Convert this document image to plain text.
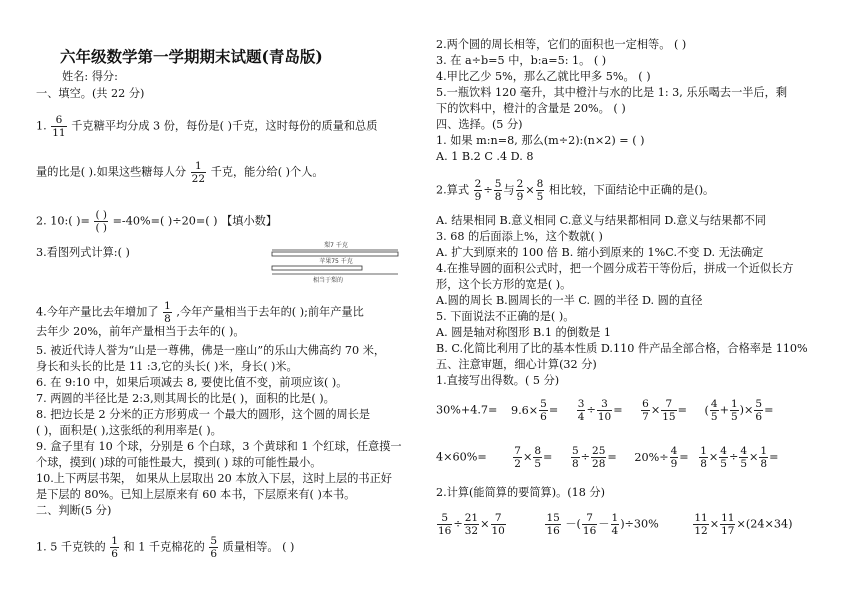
六年级数学第一学期期末试题(青岛版)
姓名: 得分:
一、填空。(共 22 分)
1. $\frac{6}{11}$ 千克糖平均分成 3 份，每份是( )千克，这时每份的质量和总质
量的比是( ).如果这些糖每人分 $\frac{1}{22}$ 千克，能分给( )个人。
2. 10:( )= $\frac{( )}{( )} =-40\%=$( )÷20=( ) 【填小数】
3.看图列式计算:( )
梨7 千克
苹果75 千克
相当于梨的
4.今年产量比去年增加了 $\frac{1}{8}$ ,今年产量相当于去年的( );前年产量比
去年少 20%，前年产量相当于去年的( )。
5. 被近代诗人誉为“山是一尊佛，佛是一座山”的乐山大佛高约 70 米，
身长和头长的比是 11 :3,它的头长( )米，身长( )米。
6. 在 9:10 中，如果后项减去 8, 要使比值不变，前项应该( )。
7. 两圆的半径比是 2:3,则其周长的比是( )，面积的比是( )。
8. 把边长是 2 分米的正方形剪成一 个最大的圆形，这个圆的周长是
( )，面积是( ),这张纸的利用率是( )。
9. 盒子里有 10 个球，分别是 6 个白球，3 个黄球和 1 个红球，任意摸一
个球，摸到( )球的可能性最大，摸到( ) 球的可能性最小。
10.上下两层书架， 如果从上层取出 20 本放入下层，这时上层的书正好
是下层的 80%。已知上层原来有 60 本书，下层原来有( )本书。
二、判断(5 分)
1. 5 千克铁的 $\frac{1}{6}$ 和 1 千克棉花的 $\frac{5}{6}$ 质量相等。 ( )
2.两个圆的周长相等，它们的面积也一定相等。 ( )
3. 在 a÷b=5 中，b:a=5: 1。 ( )
4.甲比乙少 5%，那么乙就比甲多 5%。 ( )
5.一瓶饮料 120 毫升，其中橙汁与水的比是 1: 3, 乐乐喝去一半后，剩
下的饮料中，橙汁的含量是 20%。 ( )
四、选择。(5 分)
1. 如果 m:n=8, 那么(m÷2):(n×2) = ( )
A. 1 B.2 C .4 D. 8
2.算式 $\frac{2}{9} \div \frac{5}{8}$ 与 $\frac{2}{9} \times \frac{8}{5}$ 相比较，下面结论中正确的是()。
A. 结果相同 B.意义相同 C.意义与结果都相同 D.意义与结果都不同
3. 68 的后面添上%，这个数就( )
A. 扩大到原来的 100 倍 B. 缩小到原来的 1%C.不变 D. 无法确定
4.在推导圆的面积公式时，把一个圆分成若干等份后，拼成一个近似长方
形，这个长方形的宽是( )。
A.圆的周长 B.圆周长的一半 C. 圆的半径 D. 圆的直径
5. 下面说法不正确的是( )。
A. 圆是轴对称图形 B.1 的倒数是 1
B. C.化简比利用了比的基本性质 D.110 件产品全部合格，合格率是 110%
五、注意审题，细心计算(32 分)
1.直接写出得数。( 5 分)
$30\%+4.7= 9.6\times \frac{5}{6} = \frac{3}{4} \div \frac{3}{10} = \frac{6}{7} \times \frac{7}{15}$ = ( $\frac{4}{5} + \frac{1}{5}$ )× $\frac{5}{6}$ =
4×60%=	$\frac{7}{2} \times \frac{8}{5} = \frac{5}{8} \div \frac{25}{28} = 20\%\div \frac{4}{9} = \frac{1}{8} \times \frac{4}{5} \div \frac{4}{5} \times \frac{1}{8}$ =
2.计算(能简算的要简算)。(18 分)
$\frac{5}{16} \div \frac{21}{32} \times \frac{7}{10}$
	$\frac{15}{16}$ －( $\frac{7}{16} - \frac{1}{4} )\div 30\%$	$\frac{11}{12} \times \frac{11}{17} \times(24\times 34)$
